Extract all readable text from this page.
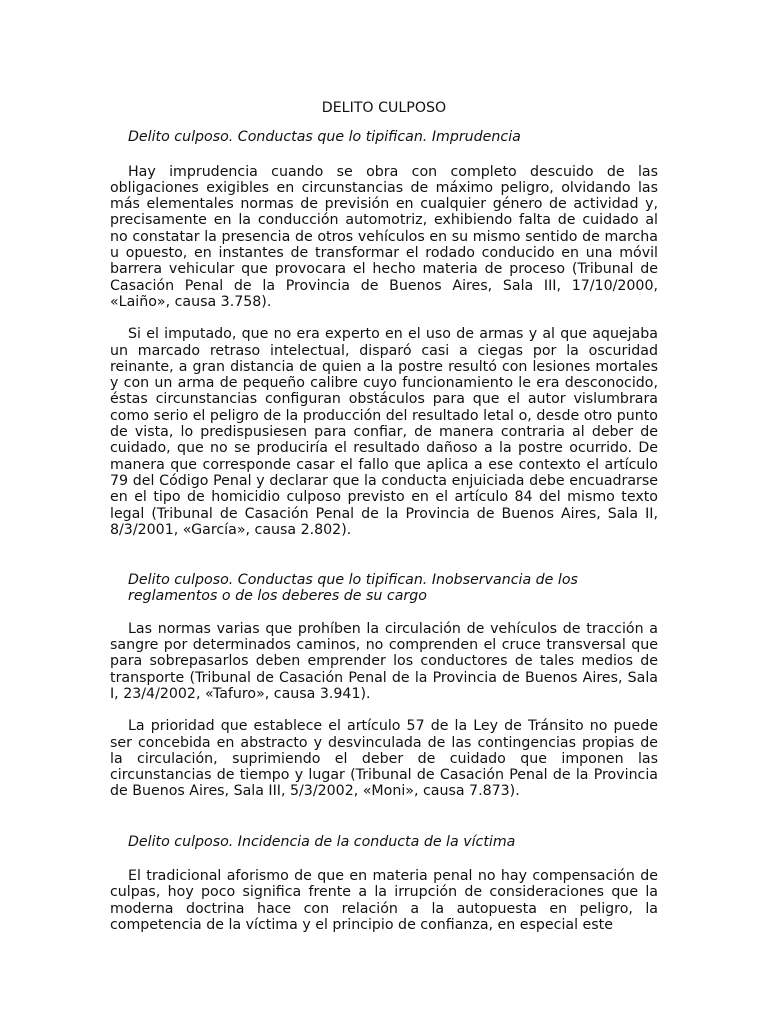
DELITO CULPOSO
Delito culposo. Conductas que lo tipifican. Imprudencia
Hay imprudencia cuando se obra con completo descuido de las obligaciones exigibles en circunstancias de máximo peligro, olvidando las más elementales normas de previsión en cualquier género de actividad y, precisamente en la conducción automotriz, exhibiendo falta de cuidado al no constatar la presencia de otros vehículos en su mismo sentido de marcha u opuesto, en instantes de transformar el rodado conducido en una móvil barrera vehicular que provocara el hecho materia de proceso (Tribunal de Casación Penal de la Provincia de Buenos Aires, Sala III, 17/10/2000, «Laiño», causa 3.758).
Si el imputado, que no era experto en el uso de armas y al que aquejaba un marcado retraso intelectual, disparó casi a ciegas por la oscuridad reinante, a gran distancia de quien a la postre resultó con lesiones mortales y con un arma de pequeño calibre cuyo funcionamiento le era desconocido, éstas circunstancias configuran obstáculos para que el autor vislumbrara como serio el peligro de la producción del resultado letal o, desde otro punto de vista, lo predispusiesen para confiar, de manera contraria al deber de cuidado, que no se produciría el resultado dañoso a la postre ocurrido. De manera que corresponde casar el fallo que aplica a ese contexto el artículo 79 del Código Penal y declarar que la conducta enjuiciada debe encuadrarse en el tipo de homicidio culposo previsto en el artículo 84 del mismo texto legal (Tribunal de Casación Penal de la Provincia de Buenos Aires, Sala II, 8/3/2001, «García», causa 2.802).
Delito culposo. Conductas que lo tipifican. Inobservancia de los reglamentos o de los deberes de su cargo
Las normas varias que prohíben la circulación de vehículos de tracción a sangre por determinados caminos, no comprenden el cruce transversal que para sobrepasarlos deben emprender los conductores de tales medios de transporte (Tribunal de Casación Penal de la Provincia de Buenos Aires, Sala I, 23/4/2002, «Tafuro», causa 3.941).
La prioridad que establece el artículo 57 de la Ley de Tránsito no puede ser concebida en abstracto y desvinculada de las contingencias propias de la circulación, suprimiendo el deber de cuidado que imponen las circunstancias de tiempo y lugar (Tribunal de Casación Penal de la Provincia de Buenos Aires, Sala III, 5/3/2002, «Moni», causa 7.873).
Delito culposo. Incidencia de la conducta de la víctima
El tradicional aforismo de que en materia penal no hay compensación de culpas, hoy poco significa frente a la irrupción de consideraciones que la moderna doctrina hace con relación a la autopuesta en peligro, la competencia de la víctima y el principio de confianza, en especial este
